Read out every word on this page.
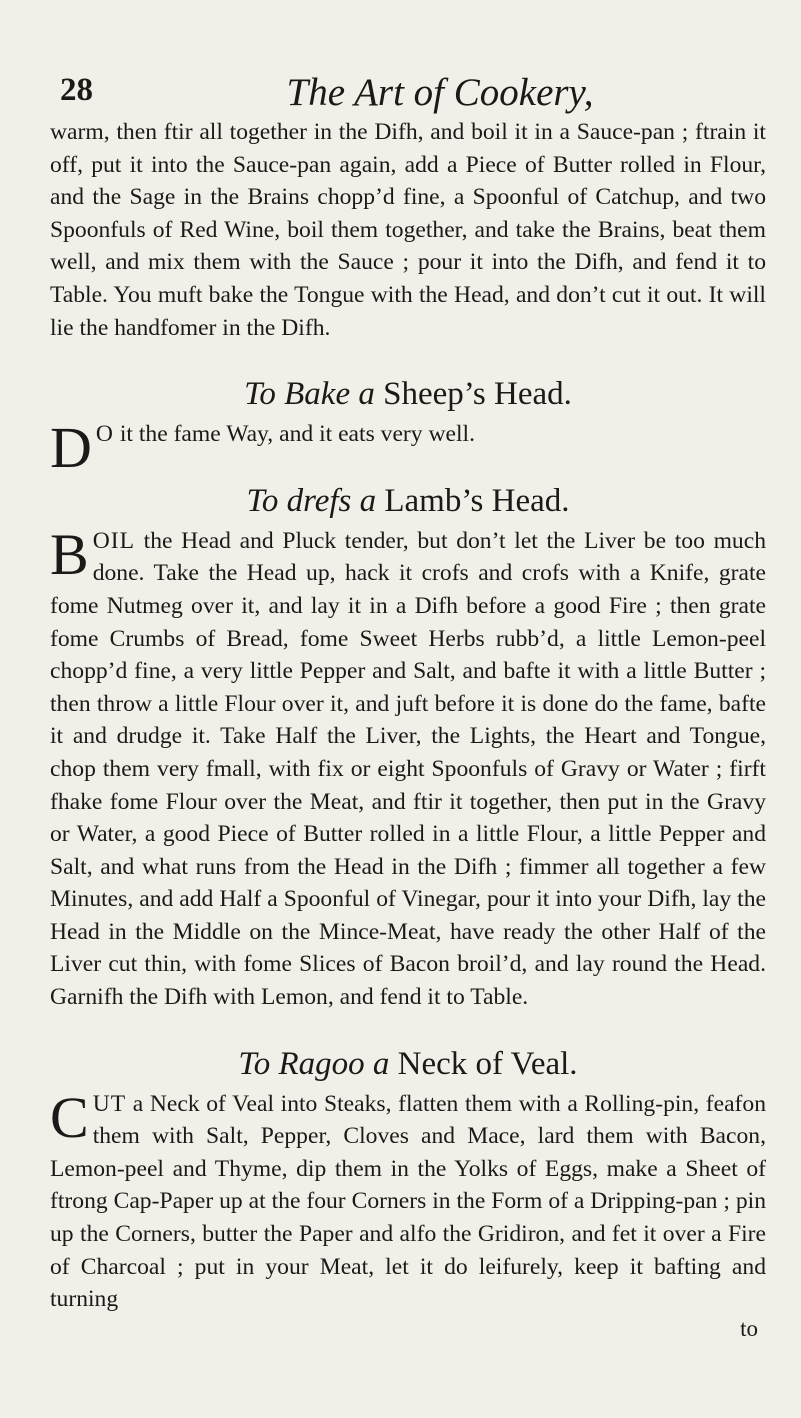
28	The Art of Cookery,

warm, then ftir all together in the Difh, and boil it in a Sauce-pan ; ftrain it off, put it into the Sauce-pan again, add a Piece of Butter rolled in Flour, and the Sage in the Brains chopp’d fine, a Spoonful of Catchup, and two Spoonfuls of Red Wine, boil them together, and take the Brains, beat them well, and mix them with the Sauce ; pour it into the Difh, and fend it to Table. You muft bake the Tongue with the Head, and don’t cut it out. It will lie the handfomer in the Difh.

To Bake a Sheep’s Head.

D O it the fame Way, and it eats very well.

To drefs a Lamb’s Head.

BOIL the Head and Pluck tender, but don’t let the Liver be too much done. Take the Head up, hack it crofs and crofs with a Knife, grate fome Nutmeg over it, and lay it in a Difh before a good Fire ; then grate fome Crumbs of Bread, fome Sweet Herbs rubb’d, a little Lemon-peel chopp’d fine, a very little Pepper and Salt, and bafte it with a little Butter ; then throw a little Flour over it, and juft before it is done do the fame, bafte it and drudge it. Take Half the Liver, the Lights, the Heart and Tongue, chop them very fmall, with fix or eight Spoonfuls of Gravy or Water ; firft fhake fome Flour over the Meat, and ftir it together, then put in the Gravy or Water, a good Piece of Butter rolled in a little Flour, a little Pepper and Salt, and what runs from the Head in the Difh ; fimmer all together a few Minutes, and add Half a Spoonful of Vinegar, pour it into your Difh, lay the Head in the Middle on the Mince-Meat, have ready the other Half of the Liver cut thin, with fome Slices of Bacon broil’d, and lay round the Head. Garnifh the Difh with Lemon, and fend it to Table.

To Ragoo a Neck of Veal.

CUT a Neck of Veal into Steaks, flatten them with a Rolling-pin, feafon them with Salt, Pepper, Cloves and Mace, lard them with Bacon, Lemon-peel and Thyme, dip them in the Yolks of Eggs, make a Sheet of ftrong Cap-Paper up at the four Corners in the Form of a Dripping-pan ; pin up the Corners, butter the Paper and alfo the Gridiron, and fet it over a Fire of Charcoal ; put in your Meat, let it do leifurely, keep it bafting and turning

to
